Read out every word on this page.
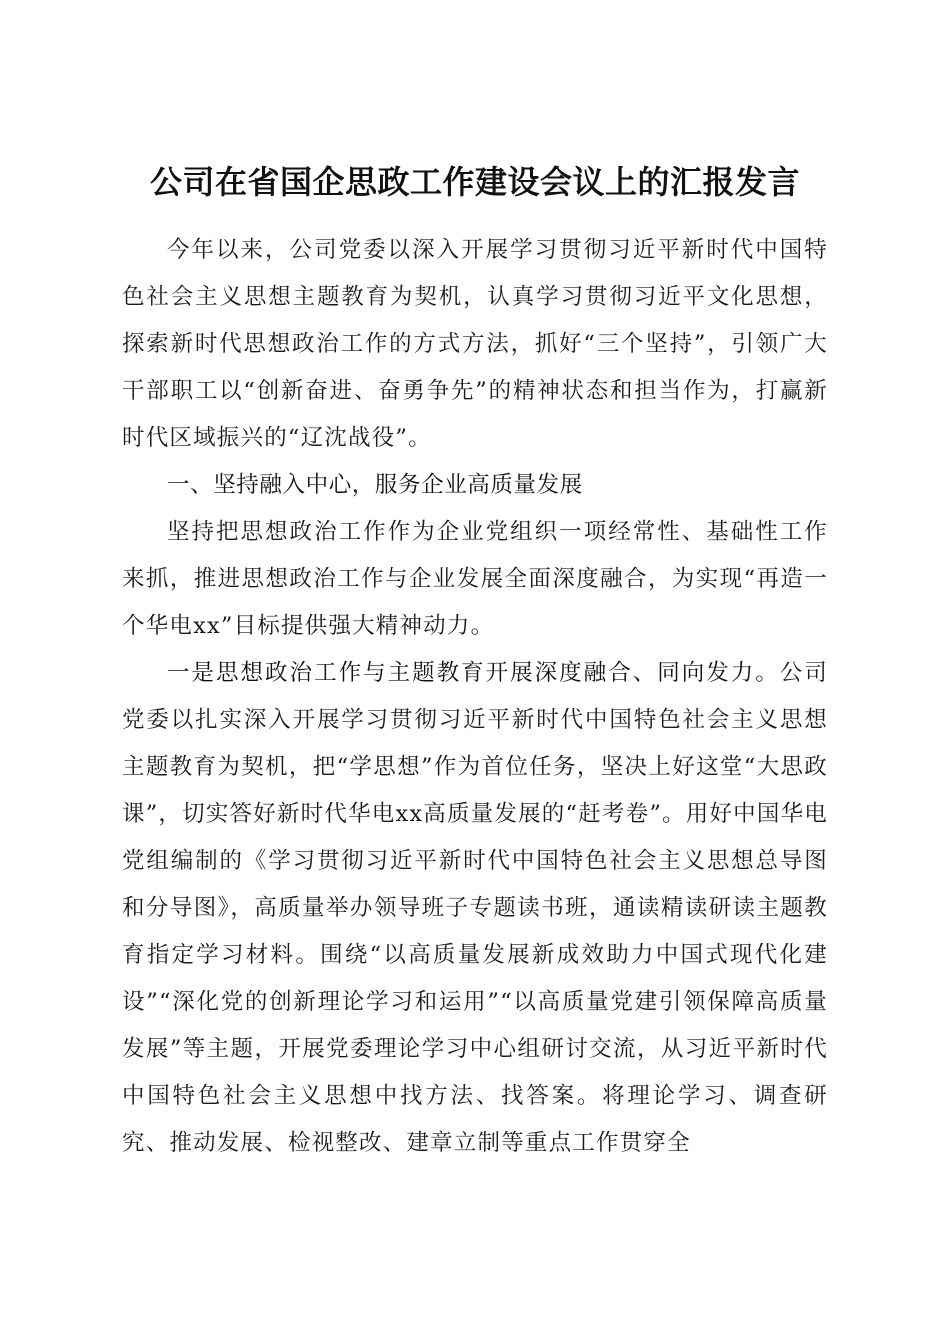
公司在省国企思政工作建设会议上的汇报发言

今年以来，公司党委以深入开展学习贯彻习近平新时代中国特色社会主义思想主题教育为契机，认真学习贯彻习近平文化思想，探索新时代思想政治工作的方式方法，抓好“三个坚持”，引领广大干部职工以“创新奋进、奋勇争先”的精神状态和担当作为，打赢新时代区域振兴的“辽沈战役”。

一、坚持融入中心，服务企业高质量发展

坚持把思想政治工作作为企业党组织一项经常性、基础性工作来抓，推进思想政治工作与企业发展全面深度融合，为实现“再造一个华电xx”目标提供强大精神动力。

一是思想政治工作与主题教育开展深度融合、同向发力。公司党委以扎实深入开展学习贯彻习近平新时代中国特色社会主义思想主题教育为契机，把“学思想”作为首位任务，坚决上好这堂“大思政课”，切实答好新时代华电xx高质量发展的“赶考卷”。用好中国华电党组编制的《学习贯彻习近平新时代中国特色社会主义思想总导图和分导图》，高质量举办领导班子专题读书班，通读精读研读主题教育指定学习材料。围绕“以高质量发展新成效助力中国式现代化建设”“深化党的创新理论学习和运用”“以高质量党建引领保障高质量发展”等主题，开展党委理论学习中心组研讨交流，从习近平新时代中国特色社会主义思想中找方法、找答案。将理论学习、调查研究、推动发展、检视整改、建章立制等重点工作贯穿全
